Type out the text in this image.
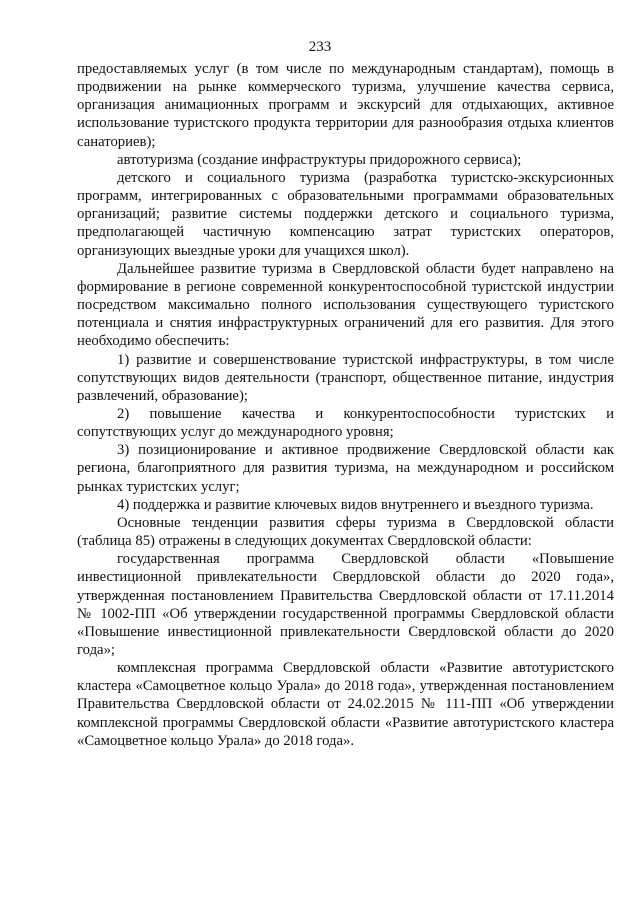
233

предоставляемых услуг (в том числе по международным стандартам), помощь в продвижении на рынке коммерческого туризма, улучшение качества сервиса, организация анимационных программ и экскурсий для отдыхающих, активное использование туристского продукта территории для разнообразия отдыха клиентов санаториев);

автотуризма (создание инфраструктуры придорожного сервиса);

детского и социального туризма (разработка туристско-экскурсионных программ, интегрированных с образовательными программами образовательных организаций; развитие системы поддержки детского и социального туризма, предполагающей частичную компенсацию затрат туристских операторов, организующих выездные уроки для учащихся школ).

Дальнейшее развитие туризма в Свердловской области будет направлено на формирование в регионе современной конкурентоспособной туристской индустрии посредством максимально полного использования существующего туристского потенциала и снятия инфраструктурных ограничений для его развития. Для этого необходимо обеспечить:

1) развитие и совершенствование туристской инфраструктуры, в том числе сопутствующих видов деятельности (транспорт, общественное питание, индустрия развлечений, образование);

2) повышение качества и конкурентоспособности туристских и сопутствующих услуг до международного уровня;

3) позиционирование и активное продвижение Свердловской области как региона, благоприятного для развития туризма, на международном и российском рынках туристских услуг;

4) поддержка и развитие ключевых видов внутреннего и въездного туризма.

Основные тенденции развития сферы туризма в Свердловской области (таблица 85) отражены в следующих документах Свердловской области:

государственная программа Свердловской области «Повышение инвестиционной привлекательности Свердловской области до 2020 года», утвержденная постановлением Правительства Свердловской области от 17.11.2014 № 1002-ПП «Об утверждении государственной программы Свердловской области «Повышение инвестиционной привлекательности Свердловской области до 2020 года»;

комплексная программа Свердловской области «Развитие автотуристского кластера «Самоцветное кольцо Урала» до 2018 года», утвержденная постановлением Правительства Свердловской области от 24.02.2015 № 111-ПП «Об утверждении комплексной программы Свердловской области «Развитие автотуристского кластера «Самоцветное кольцо Урала» до 2018 года».
